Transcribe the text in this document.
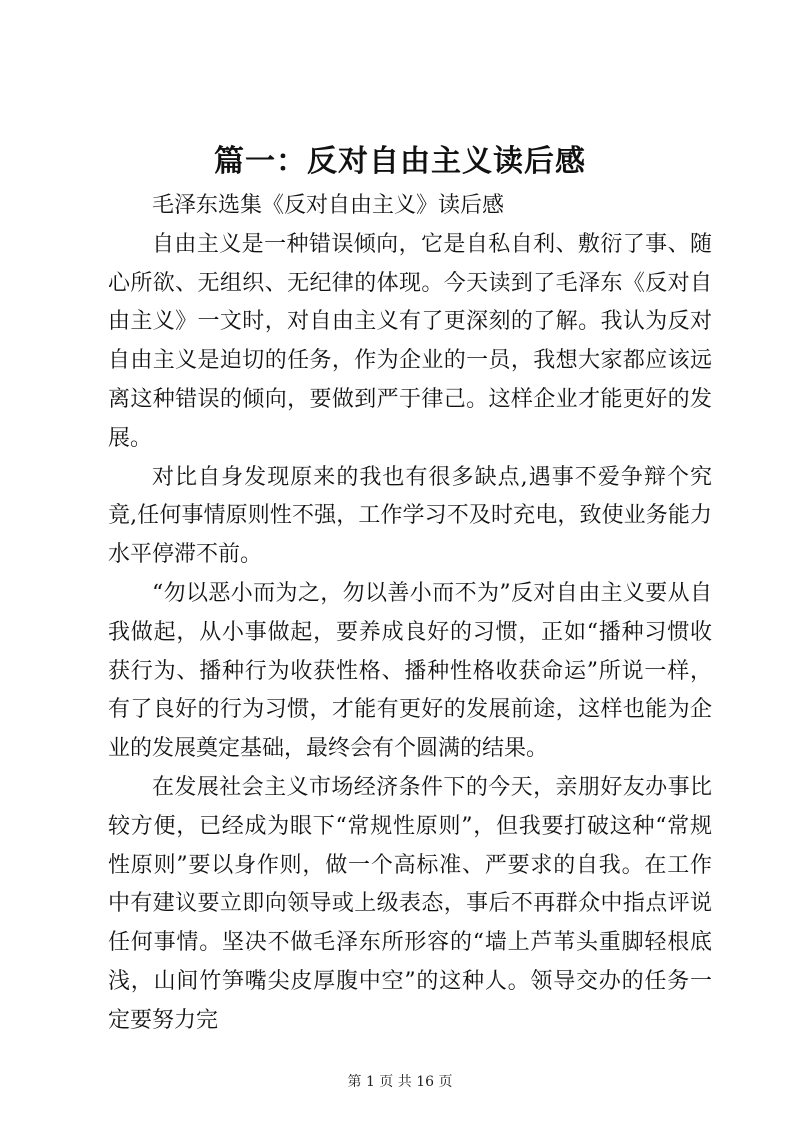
篇一：反对自由主义读后感

毛泽东选集《反对自由主义》读后感

自由主义是一种错误倾向，它是自私自利、敷衍了事、随心所欲、无组织、无纪律的体现。今天读到了毛泽东《反对自由主义》一文时，对自由主义有了更深刻的了解。我认为反对自由主义是迫切的任务，作为企业的一员，我想大家都应该远离这种错误的倾向，要做到严于律己。这样企业才能更好的发展。

对比自身发现原来的我也有很多缺点,遇事不爱争辩个究竟,任何事情原则性不强，工作学习不及时充电，致使业务能力水平停滞不前。

“勿以恶小而为之，勿以善小而不为”反对自由主义要从自我做起，从小事做起，要养成良好的习惯，正如“播种习惯收获行为、播种行为收获性格、播种性格收获命运”所说一样，有了良好的行为习惯，才能有更好的发展前途，这样也能为企业的发展奠定基础，最终会有个圆满的结果。

在发展社会主义市场经济条件下的今天，亲朋好友办事比较方便，已经成为眼下“常规性原则”，但我要打破这种“常规性原则”要以身作则，做一个高标准、严要求的自我。在工作中有建议要立即向领导或上级表态，事后不再群众中指点评说任何事情。坚决不做毛泽东所形容的“墙上芦苇头重脚轻根底浅，山间竹笋嘴尖皮厚腹中空”的这种人。领导交办的任务一定要努力完

第 1 页 共 16 页
